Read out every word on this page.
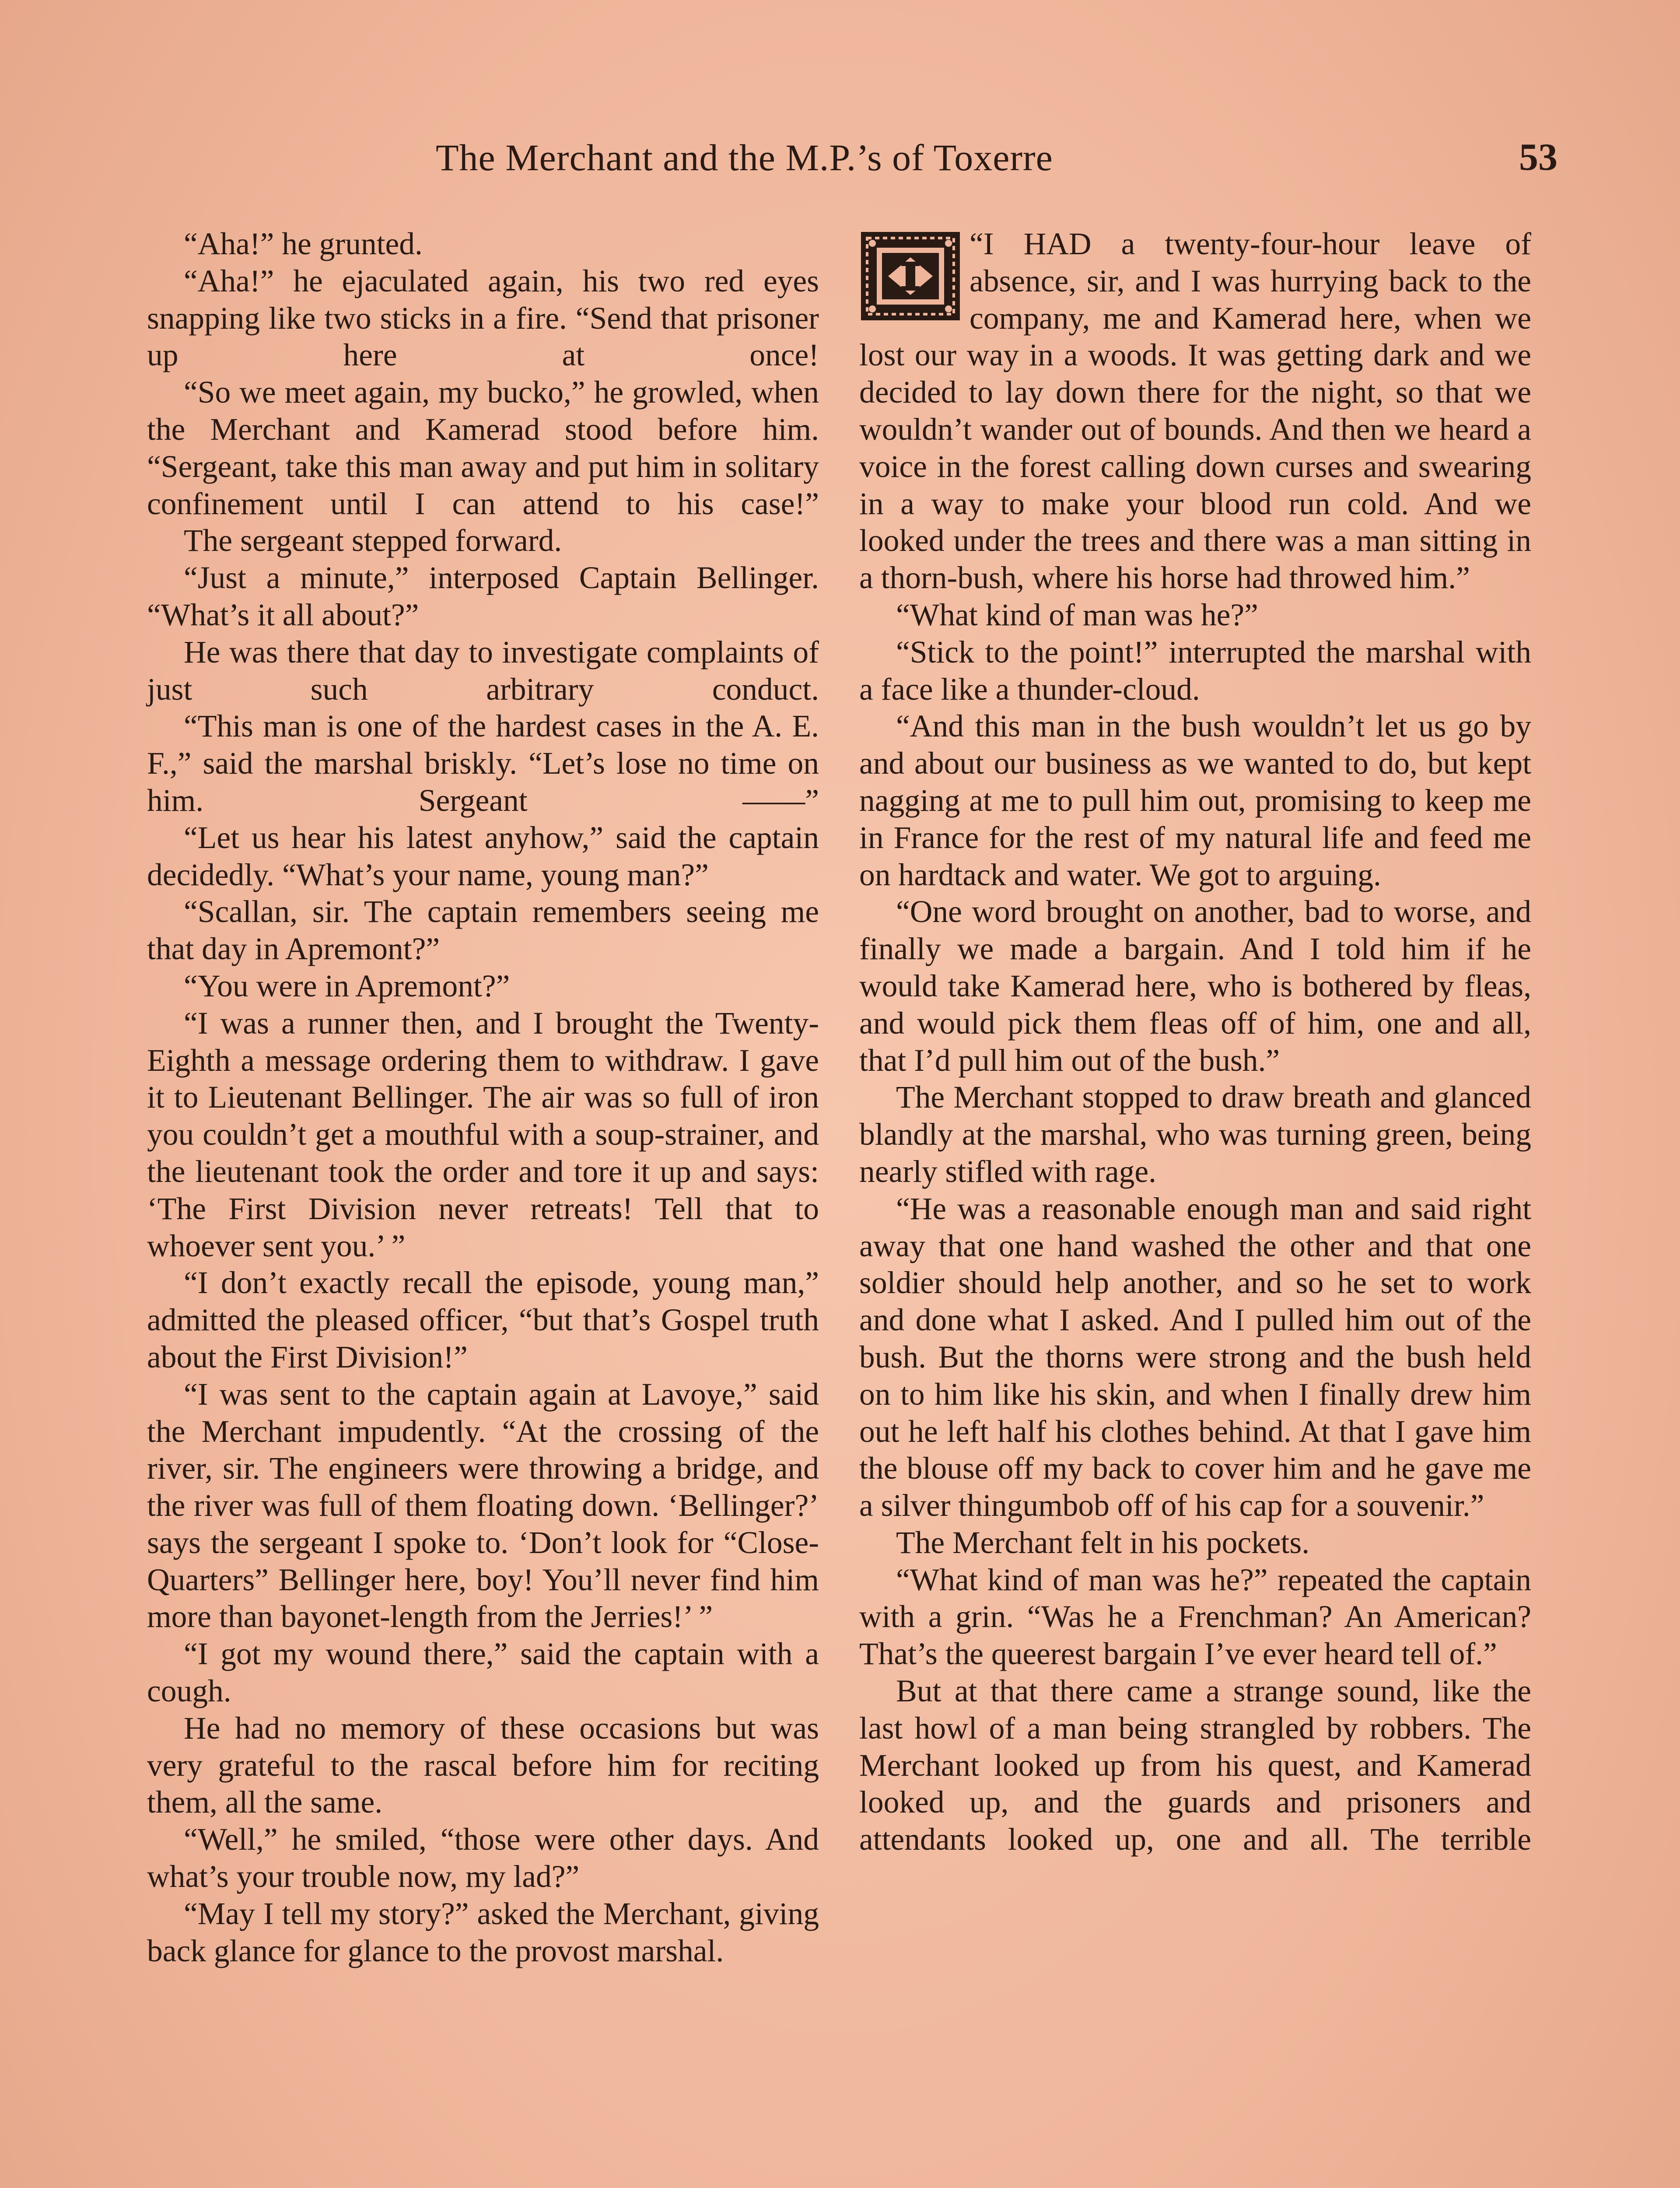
The Merchant and the M.P.’s of Toxerre	53

“Aha!” he grunted.

“Aha!” he ejaculated again, his two red eyes snapping like two sticks in a fire. “Send that prisoner up here at once!

“So we meet again, my bucko,” he growled, when the Merchant and Kamerad stood before him. “Sergeant, take this man away and put him in solitary confinement until I can attend to his case!”

The sergeant stepped forward.

“Just a minute,” interposed Captain Bellinger. “What’s it all about?”

He was there that day to investigate complaints of just such arbitrary conduct.

“This man is one of the hardest cases in the A. E. F.,” said the marshal briskly. “Let’s lose no time on him. Sergeant ——”

“Let us hear his latest anyhow,” said the captain decidedly. “What’s your name, young man?”

“Scallan, sir. The captain remembers seeing me that day in Apremont?”

“You were in Apremont?”

“I was a runner then, and I brought the Twenty-Eighth a message ordering them to withdraw. I gave it to Lieutenant Bellinger. The air was so full of iron you couldn’t get a mouthful with a soup-strainer, and the lieutenant took the order and tore it up and says: ‘The First Division never retreats! Tell that to whoever sent you.’ ”

“I don’t exactly recall the episode, young man,” admitted the pleased officer, “but that’s Gospel truth about the First Division!”

“I was sent to the captain again at Lavoye,” said the Merchant impudently. “At the crossing of the river, sir. The engineers were throwing a bridge, and the river was full of them floating down. ‘Bellinger?’ says the sergeant I spoke to. ‘Don’t look for “Close-Quarters” Bellinger here, boy! You’ll never find him more than bayonet-length from the Jerries!’ ”

“I got my wound there,” said the captain with a cough.

He had no memory of these occasions but was very grateful to the rascal before him for reciting them, all the same.

“Well,” he smiled, “those were other days. And what’s your trouble now, my lad?”

“May I tell my story?” asked the Merchant, giving back glance for glance to the provost marshal.

“I HAD a twenty-four-hour leave of absence, sir, and I was hurrying back to the company, me and Kamerad here, when we lost our way in a woods. It was getting dark and we decided to lay down there for the night, so that we wouldn’t wander out of bounds. And then we heard a voice in the forest calling down curses and swearing in a way to make your blood run cold. And we looked under the trees and there was a man sitting in a thorn-bush, where his horse had throwed him.”

“What kind of man was he?”

“Stick to the point!” interrupted the marshal with a face like a thunder-cloud.

“And this man in the bush wouldn’t let us go by and about our business as we wanted to do, but kept nagging at me to pull him out, promising to keep me in France for the rest of my natural life and feed me on hardtack and water. We got to arguing.

“One word brought on another, bad to worse, and finally we made a bargain. And I told him if he would take Kamerad here, who is bothered by fleas, and would pick them fleas off of him, one and all, that I’d pull him out of the bush.”

The Merchant stopped to draw breath and glanced blandly at the marshal, who was turning green, being nearly stifled with rage.

“He was a reasonable enough man and said right away that one hand washed the other and that one soldier should help another, and so he set to work and done what I asked. And I pulled him out of the bush. But the thorns were strong and the bush held on to him like his skin, and when I finally drew him out he left half his clothes behind. At that I gave him the blouse off my back to cover him and he gave me a silver thingumbob off of his cap for a souvenir.”

The Merchant felt in his pockets.

“What kind of man was he?” repeated the captain with a grin. “Was he a Frenchman? An American? That’s the queerest bargain I’ve ever heard tell of.”

But at that there came a strange sound, like the last howl of a man being strangled by robbers. The Merchant looked up from his quest, and Kamerad looked up, and the guards and prisoners and attendants looked up, one and all. The terrible
